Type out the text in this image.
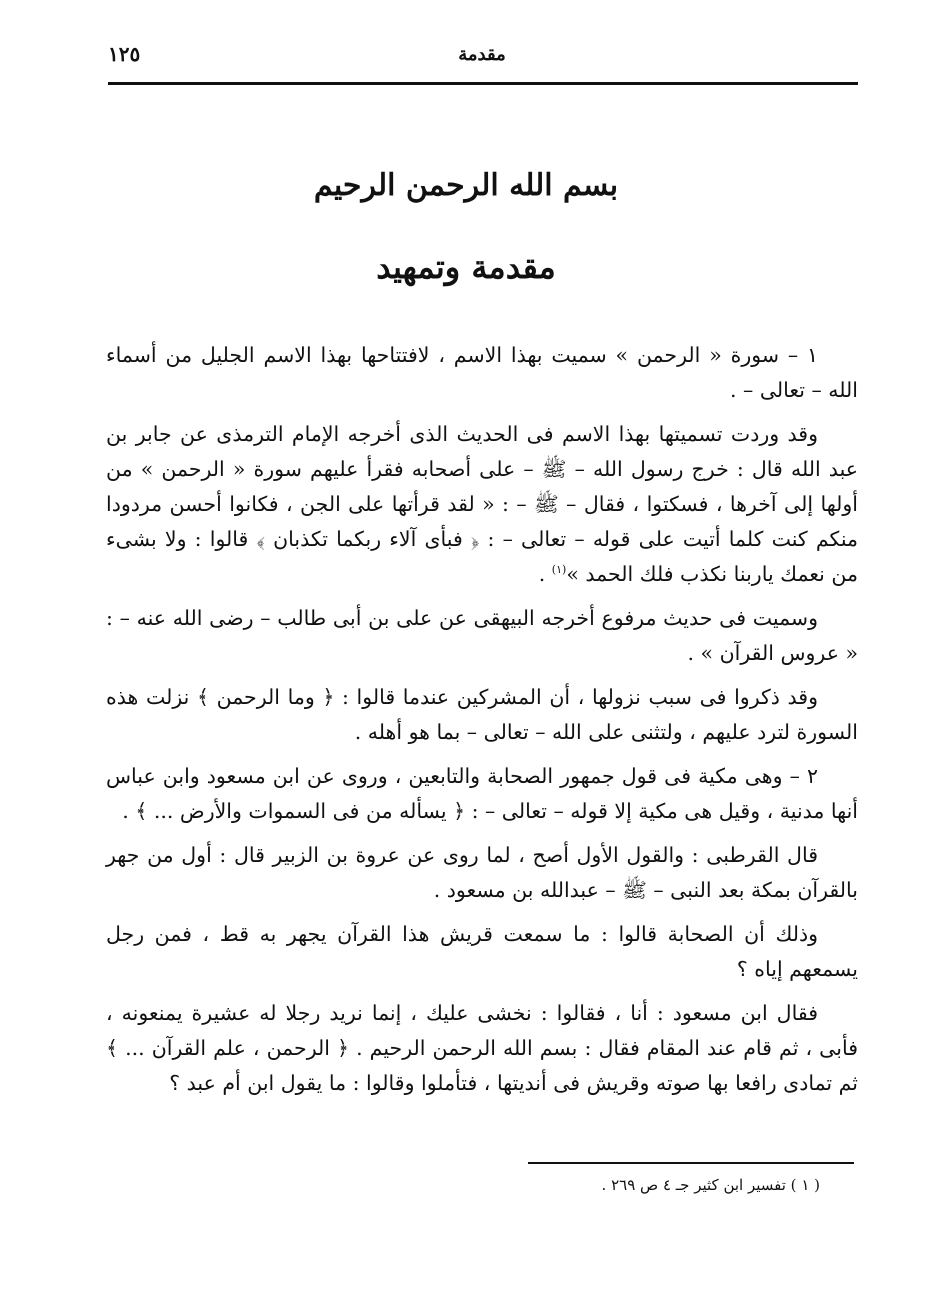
١٢٥	مقدمة
بسم الله الرحمن الرحيم
مقدمة وتمهيد

١ – سورة « الرحمن » سميت بهذا الاسم ، لافتتاحها بهذا الاسم الجليل من أسماء الله – تعالى – .

وقد وردت تسميتها بهذا الاسم فى الحديث الذى أخرجه الإمام الترمذى عن جابر بن عبد الله قال : خرج رسول الله – ﷺ – على أصحابه فقرأ عليهم سورة « الرحمن » من أولها إلى آخرها ، فسكتوا ، فقال – ﷺ – : « لقد قرأتها على الجن ، فكانوا أحسن مردودا منكم كنت كلما أتيت على قوله – تعالى – : ﴿ فبأى آلاء ربكما تكذبان ﴾ قالوا : ولا بشىء من نعمك ياربنا نكذب فلك الحمد »$^{(١)}$ .

وسميت فى حديث مرفوع أخرجه البيهقى عن على بن أبى طالب – رضى الله عنه – : « عروس القرآن » .

وقد ذكروا فى سبب نزولها ، أن المشركين عندما قالوا : ﴿ وما الرحمن ﴾ نزلت هذه السورة لترد عليهم ، ولتثنى على الله – تعالى – بما هو أهله .

٢ – وهى مكية فى قول جمهور الصحابة والتابعين ، وروى عن ابن مسعود وابن عباس أنها مدنية ، وقيل هى مكية إلا قوله – تعالى – : ﴿ يسأله من فى السموات والأرض ... ﴾ .

قال القرطبى : والقول الأول أصح ، لما روى عن عروة بن الزبير قال : أول من جهر بالقرآن بمكة بعد النبى – ﷺ – عبدالله بن مسعود .

وذلك أن الصحابة قالوا : ما سمعت قريش هذا القرآن يجهر به قط ، فمن رجل يسمعهم إياه ؟

فقال ابن مسعود : أنا ، فقالوا : نخشى عليك ، إنما نريد رجلا له عشيرة يمنعونه ، فأبى ، ثم قام عند المقام فقال : بسم الله الرحمن الرحيم . ﴿ الرحمن ، علم القرآن ... ﴾ ثم تمادى رافعا بها صوته وقريش فى أنديتها ، فتأملوا وقالوا : ما يقول ابن أم عبد ؟

( ١ ) تفسير ابن كثير جـ ٤ ص ٢٦٩ .
